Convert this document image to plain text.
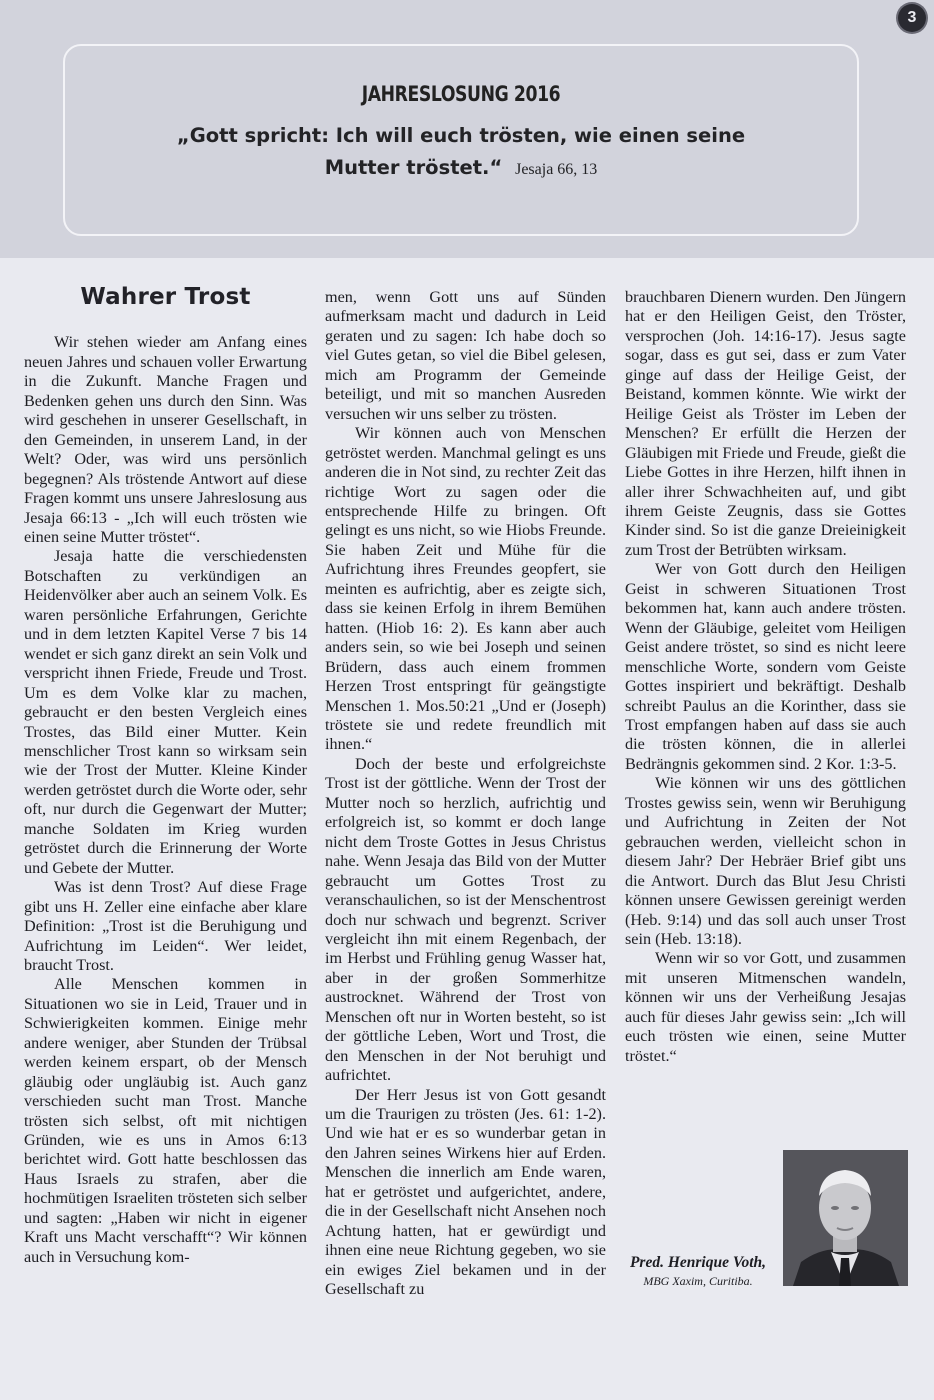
3
JAHRESLOSUNG 2016
„Gott spricht: Ich will euch trösten, wie einen seine Mutter tröstet.“ Jesaja 66, 13
Wahrer Trost

Wir stehen wieder am Anfang eines neuen Jahres und schauen voller Erwartung in die Zukunft. Manche Fragen und Bedenken gehen uns durch den Sinn. Was wird geschehen in unserer Gesellschaft, in den Gemeinden, in unserem Land, in der Welt? Oder, was wird uns persönlich begegnen? Als tröstende Antwort auf diese Fragen kommt uns unsere Jahreslosung aus Jesaja 66:13 - „Ich will euch trösten wie einen seine Mutter tröstet“.

Jesaja hatte die verschiedensten Botschaften zu verkündigen an Heidenvölker aber auch an seinem Volk. Es waren persönliche Erfahrungen, Gerichte und in dem letzten Kapitel Verse 7 bis 14 wendet er sich ganz direkt an sein Volk und verspricht ihnen Friede, Freude und Trost. Um es dem Volke klar zu machen, gebraucht er den besten Vergleich eines Trostes, das Bild einer Mutter. Kein menschlicher Trost kann so wirksam sein wie der Trost der Mutter. Kleine Kinder werden getröstet durch die Worte oder, sehr oft, nur durch die Gegenwart der Mutter; manche Soldaten im Krieg wurden getröstet durch die Erinnerung der Worte und Gebete der Mutter.

Was ist denn Trost? Auf diese Frage gibt uns H. Zeller eine einfache aber klare Definition: „Trost ist die Beruhigung und Aufrichtung im Leiden“. Wer leidet, braucht Trost.

Alle Menschen kommen in Situationen wo sie in Leid, Trauer und in Schwierigkeiten kommen. Einige mehr andere weniger, aber Stunden der Trübsal werden keinem erspart, ob der Mensch gläubig oder ungläubig ist. Auch ganz verschieden sucht man Trost. Manche trösten sich selbst, oft mit nichtigen Gründen, wie es uns in Amos 6:13 berichtet wird. Gott hatte beschlossen das Haus Israels zu strafen, aber die hochmütigen Israeliten trösteten sich selber und sagten: „Haben wir nicht in eigener Kraft uns Macht verschafft“? Wir können auch in Versuchung kom-

men, wenn Gott uns auf Sünden aufmerksam macht und dadurch in Leid geraten und zu sagen: Ich habe doch so viel Gutes getan, so viel die Bibel gelesen, mich am Programm der Gemeinde beteiligt, und mit so manchen Ausreden versuchen wir uns selber zu trösten.

Wir können auch von Menschen getröstet werden. Manchmal gelingt es uns anderen die in Not sind, zu rechter Zeit das richtige Wort zu sagen oder die entsprechende Hilfe zu bringen. Oft gelingt es uns nicht, so wie Hiobs Freunde. Sie haben Zeit und Mühe für die Aufrichtung ihres Freundes geopfert, sie meinten es aufrichtig, aber es zeigte sich, dass sie keinen Erfolg in ihrem Bemühen hatten. (Hiob 16: 2). Es kann aber auch anders sein, so wie bei Joseph und seinen Brüdern, dass auch einem frommen Herzen Trost entspringt für geängstigte Menschen 1. Mos.50:21 „Und er (Joseph) tröstete sie und redete freundlich mit ihnen.“

Doch der beste und erfolgreichste Trost ist der göttliche. Wenn der Trost der Mutter noch so herzlich, aufrichtig und erfolgreich ist, so kommt er doch lange nicht dem Troste Gottes in Jesus Christus nahe. Wenn Jesaja das Bild von der Mutter gebraucht um Gottes Trost zu veranschaulichen, so ist der Menschentrost doch nur schwach und begrenzt. Scriver vergleicht ihn mit einem Regenbach, der im Herbst und Frühling genug Wasser hat, aber in der großen Sommerhitze austrocknet. Während der Trost von Menschen oft nur in Worten besteht, so ist der göttliche Leben, Wort und Trost, die den Menschen in der Not beruhigt und aufrichtet.

Der Herr Jesus ist von Gott gesandt um die Traurigen zu trösten (Jes. 61: 1-2). Und wie hat er es so wunderbar getan in den Jahren seines Wirkens hier auf Erden. Menschen die innerlich am Ende waren, hat er getröstet und aufgerichtet, andere, die in der Gesellschaft nicht Ansehen noch Achtung hatten, hat er gewürdigt und ihnen eine neue Richtung gegeben, wo sie ein ewiges Ziel bekamen und in der Gesellschaft zu

brauchbaren Dienern wurden. Den Jüngern hat er den Heiligen Geist, den Tröster, versprochen (Joh. 14:16-17). Jesus sagte sogar, dass es gut sei, dass er zum Vater ginge auf dass der Heilige Geist, der Beistand, kommen könnte. Wie wirkt der Heilige Geist als Tröster im Leben der Menschen? Er erfüllt die Herzen der Gläubigen mit Friede und Freude, gießt die Liebe Gottes in ihre Herzen, hilft ihnen in aller ihrer Schwachheiten auf, und gibt ihrem Geiste Zeugnis, dass sie Gottes Kinder sind. So ist die ganze Dreieinigkeit zum Trost der Betrübten wirksam.

Wer von Gott durch den Heiligen Geist in schweren Situationen Trost bekommen hat, kann auch andere trösten. Wenn der Gläubige, geleitet vom Heiligen Geist andere tröstet, so sind es nicht leere menschliche Worte, sondern vom Geiste Gottes inspiriert und bekräftigt. Deshalb schreibt Paulus an die Korinther, dass sie Trost empfangen haben auf dass sie auch die trösten können, die in allerlei Bedrängnis gekommen sind. 2 Kor. 1:3-5.

Wie können wir uns des göttlichen Trostes gewiss sein, wenn wir Beruhigung und Aufrichtung in Zeiten der Not gebrauchen werden, vielleicht schon in diesem Jahr? Der Hebräer Brief gibt uns die Antwort. Durch das Blut Jesu Christi können unsere Gewissen gereinigt werden (Heb. 9:14) und das soll auch unser Trost sein (Heb. 13:18).

Wenn wir so vor Gott, und zusammen mit unseren Mitmenschen wandeln, können wir uns der Verheißung Jesajas auch für dieses Jahr gewiss sein: „Ich will euch trösten wie einen, seine Mutter tröstet.“

Pred. Henrique Voth,
MBG Xaxim, Curitiba.
